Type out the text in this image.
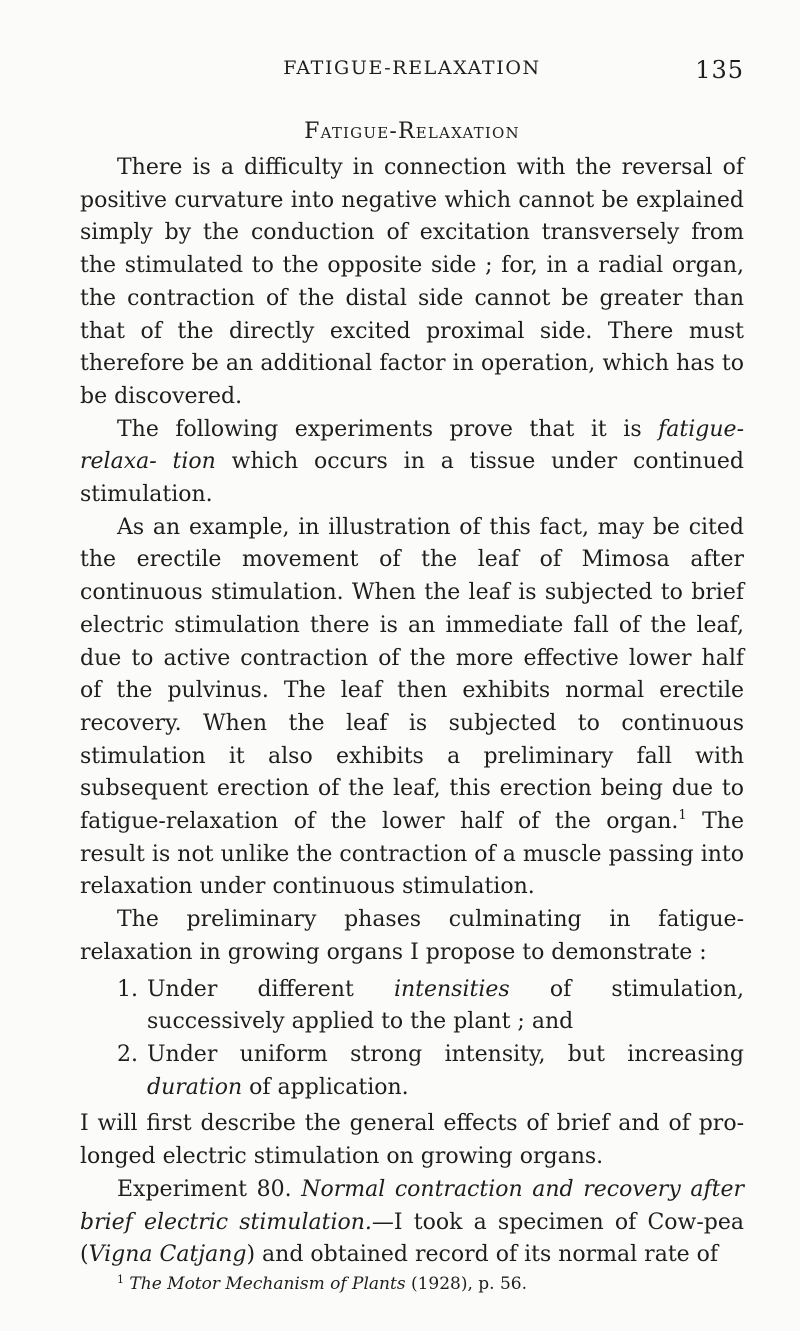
FATIGUE-RELAXATION	135
Fatigue-Relaxation

There is a difficulty in connection with the reversal of positive curvature into negative which cannot be explained simply by the conduction of excitation transversely from the stimulated to the opposite side ; for, in a radial organ, the contraction of the distal side cannot be greater than that of the directly excited proximal side. There must therefore be an additional factor in operation, which has to be discovered.

The following experiments prove that it is fatigue-relaxa- tion which occurs in a tissue under continued stimulation.

As an example, in illustration of this fact, may be cited the erectile movement of the leaf of Mimosa after continuous stimulation. When the leaf is subjected to brief electric stimulation there is an immediate fall of the leaf, due to active contraction of the more effective lower half of the pulvinus. The leaf then exhibits normal erectile recovery. When the leaf is subjected to continuous stimulation it also exhibits a preliminary fall with subsequent erection of the leaf, this erection being due to fatigue-relaxation of the lower half of the organ.$^1$ The result is not unlike the contraction of a muscle passing into relaxation under continuous stimulation.

The preliminary phases culminating in fatigue-relaxation in growing organs I propose to demonstrate :

1. Under different intensities of stimulation, successively applied to the plant ; and
2. Under uniform strong intensity, but increasing duration of application.

I will first describe the general effects of brief and of pro- longed electric stimulation on growing organs.

Experiment 80. Normal contraction and recovery after brief electric stimulation.—I took a specimen of Cow-pea (Vigna Catjang) and obtained record of its normal rate of

$^1$ The Motor Mechanism of Plants (1928), p. 56.
